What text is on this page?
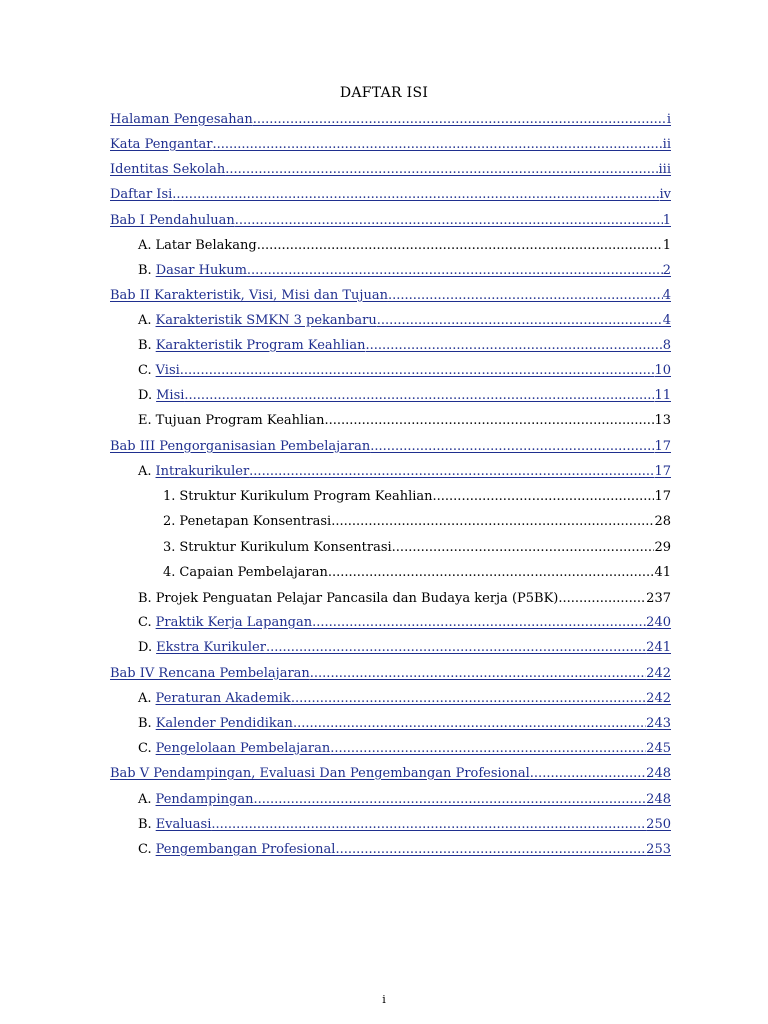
DAFTAR ISI
Halaman Pengesahan .....	i
Kata Pengantar .....	ii
Identitas Sekolah .....	iii
Daftar Isi .....	iv
Bab I Pendahuluan .....	1
A. Latar Belakang .....	1
B. Dasar Hukum .....	2
Bab II Karakteristik, Visi, Misi dan Tujuan .....	4
A. Karakteristik SMKN 3 pekanbaru .....	4
B. Karakteristik Program Keahlian .....	8
C. Visi .....	10
D. Misi .....	11
E. Tujuan Program Keahlian .....	13
Bab III Pengorganisasian Pembelajaran .....	17
A. Intrakurikuler .....	17
1. Struktur Kurikulum Program Keahlian .....	17
2. Penetapan Konsentrasi .....	28
3. Struktur Kurikulum Konsentrasi .....	29
4. Capaian Pembelajaran .....	41
B. Projek Penguatan Pelajar Pancasila dan Budaya kerja (P5BK) .....	237
C. Praktik Kerja Lapangan .....	240
D. Ekstra Kurikuler .....	241
Bab IV Rencana Pembelajaran .....	242
A. Peraturan Akademik .....	242
B. Kalender Pendidikan .....	243
C. Pengelolaan Pembelajaran .....	245
Bab V Pendampingan, Evaluasi Dan Pengembangan Profesional .....	248
A. Pendampingan .....	248
B. Evaluasi .....	250
C. Pengembangan Profesional .....	253
i
